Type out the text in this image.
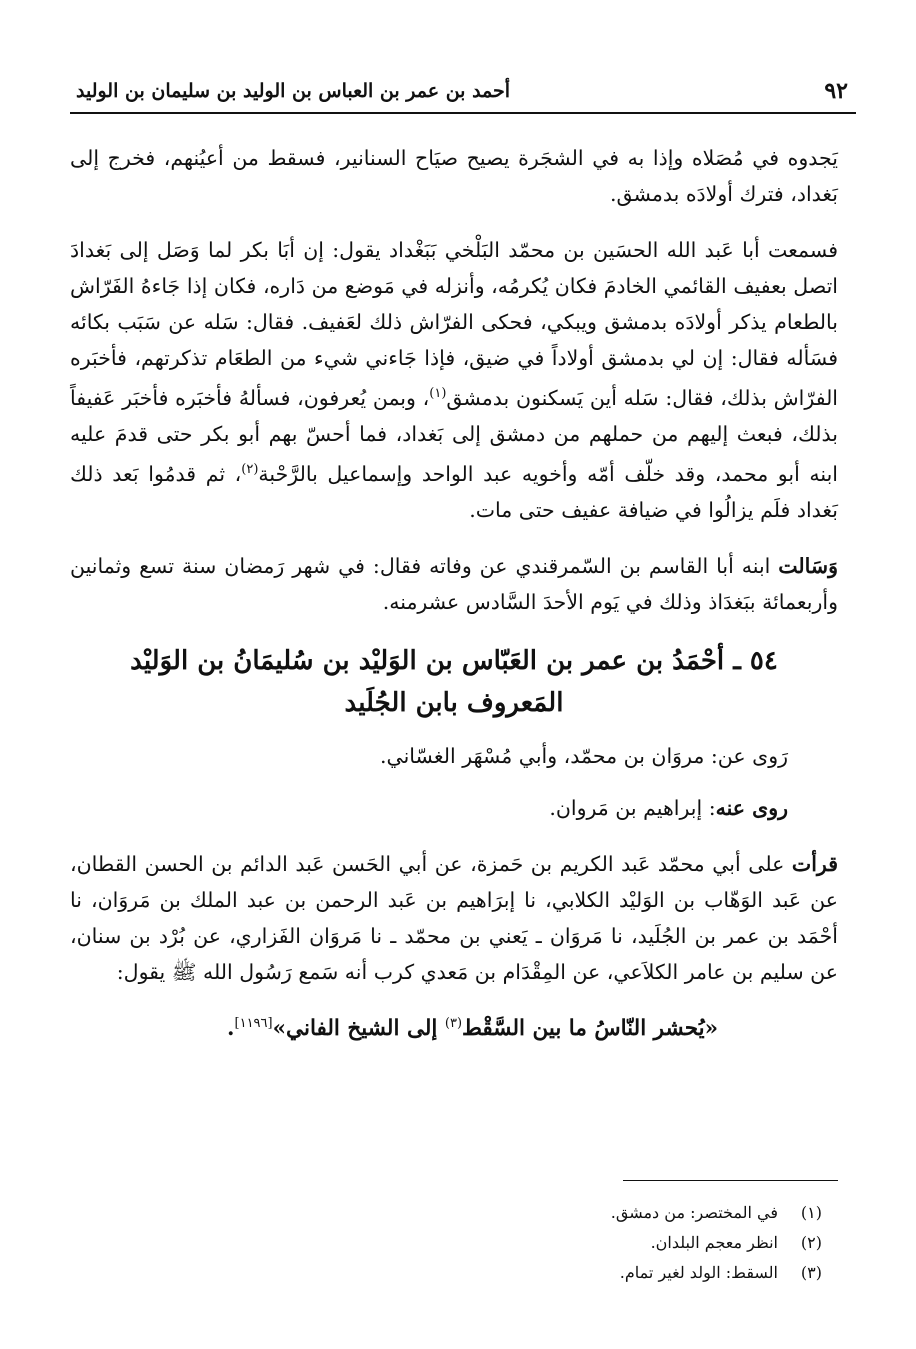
٩٢
أحمد بن عمر بن العباس بن الوليد بن سليمان بن الوليد

يَجدوه في مُصَلاه وإذا به في الشجَرة يصيح صيَاح السنانير، فسقط من أعيُنهم، فخرج إلى بَغداد، فترك أولادَه بدمشق.

فسمعت أبا عَبد الله الحسَين بن محمّد البَلْخي بَبَغْداد يقول: إن أبَا بكر لما وَصَل إلى بَغدادَ اتصل بعفيف القائمي الخادمَ فكان يُكرمُه، وأنزله في مَوضع من دَاره، فكان إذا جَاءهُ الفَرّاش بالطعام يذكر أولادَه بدمشق ويبكي، فحكى الفرّاش ذلك لعَفيف. فقال: سَله عن سَبَب بكائه فسَأله فقال: إن لي بدمشق أولاداً في ضيق، فإذا جَاءني شيء من الطعَام تذكرتهم، فأخبَره الفرّاش بذلك، فقال: سَله أين يَسكنون بدمشق$^{(١)}$، وبمن يُعرفون، فسألهُ فأخبَره فأخبَر عَفيفاً بذلك، فبعث إليهم من حملهم من دمشق إلى بَغداد، فما أحسّ بهم أبو بكر حتى قدمَ عليه ابنه أبو محمد، وقد خلّف أمّه وأخويه عبد الواحد وإسماعيل بالرَّحْبة$^{(٢)}$، ثم قدمُوا بَعد ذلك بَغداد فلَم يزالُوا في ضيافة عفيف حتى مات.

وَسَالت ابنه أبا القاسم بن السّمرقندي عن وفاته فقال: في شهر رَمضان سنة تسع وثمانين وأربعمائة ببَغدَاذ وذلك في يَوم الأحدَ السَّادس عشرمنه.

٥٤ ـ أحْمَدُ بن عمر بن العَبّاس بن الوَليْد بن سُليمَانُ بن الوَليْد
المَعروف بابن الجُلَيد

رَوى عن: مروَان بن محمّد، وأبي مُسْهَر الغسّاني.

روى عنه: إبراهيم بن مَروان.

قرأت على أبي محمّد عَبد الكريم بن حَمزة، عن أبي الحَسن عَبد الدائم بن الحسن القطان، عن عَبد الوَهّاب بن الوَليْد الكلابي، نا إبرَاهيم بن عَبد الرحمن بن عبد الملك بن مَروَان، نا أحْمَد بن عمر بن الجُلَيد، نا مَروَان ـ يَعني بن محمّد ـ نا مَروَان الفَزاري، عن بُرْد بن سنان، عن سليم بن عامر الكلاَعي، عن المِقْدَام بن مَعدي كرب أنه سَمع رَسُول الله ﷺ يقول:

«يُحشر النّاسُ ما بين السَّقْط$^{(٣)}$ إلى الشيخ الفاني»[١١٩٦].

(١)في المختصر: من دمشق.
(٢)انظر معجم البلدان.
(٣)السقط: الولد لغير تمام.
